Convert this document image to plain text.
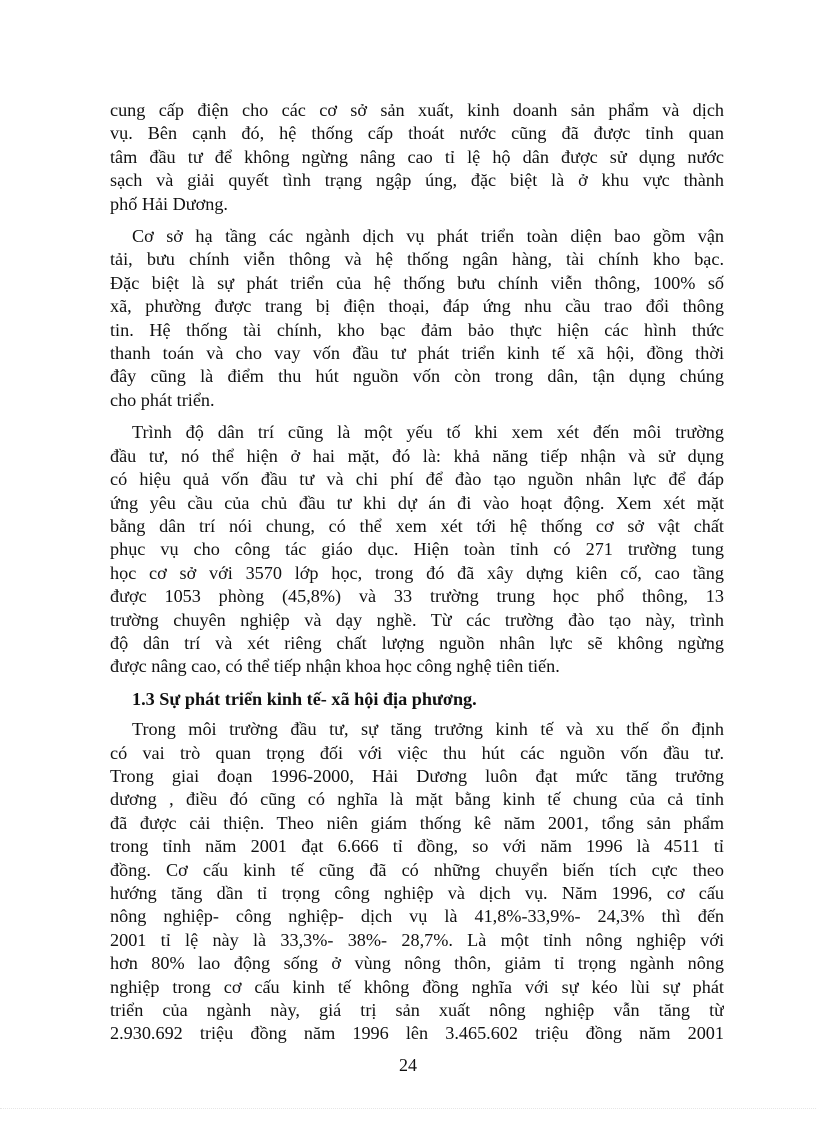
cung cấp điện cho các cơ sở sản xuất, kinh doanh sản phẩm và dịch
vụ. Bên cạnh đó, hệ thống cấp thoát nước cũng đã được tỉnh quan
tâm đầu tư để không ngừng nâng cao tỉ lệ hộ dân được sử dụng nước
sạch và giải quyết tình trạng ngập úng, đặc biệt là ở khu vực thành
phố Hải Dương.
Cơ sở hạ tầng các ngành dịch vụ phát triển toàn diện bao gồm vận
tải, bưu chính viễn thông và hệ thống ngân hàng, tài chính kho bạc.
Đặc biệt là sự phát triển của hệ thống bưu chính viễn thông, 100% số
xã, phường được trang bị điện thoại, đáp ứng nhu cầu trao đổi thông
tin. Hệ thống tài chính, kho bạc đảm bảo thực hiện các hình thức
thanh toán và cho vay vốn đầu tư phát triển kinh tế xã hội, đồng thời
đây cũng là điểm thu hút nguồn vốn còn trong dân, tận dụng chúng
cho phát triển.
Trình độ dân trí cũng là một yếu tố khi xem xét đến môi trường
đầu tư, nó thể hiện ở hai mặt, đó là: khả năng tiếp nhận và sử dụng
có hiệu quả vốn đầu tư và chi phí để đào tạo nguồn nhân lực để đáp
ứng yêu cầu của chủ đầu tư khi dự án đi vào hoạt động. Xem xét mặt
bằng dân trí nói chung, có thể xem xét tới hệ thống cơ sở vật chất
phục vụ cho công tác giáo dục. Hiện toàn tỉnh có 271 trường tung
học cơ sở với 3570 lớp học, trong đó đã xây dựng kiên cố, cao tầng
được 1053 phòng (45,8%) và 33 trường trung học phổ thông, 13
trường chuyên nghiệp và dạy nghề. Từ các trường đào tạo này, trình
độ dân trí và xét riêng chất lượng nguồn nhân lực sẽ không ngừng
được nâng cao, có thể tiếp nhận khoa học công nghệ tiên tiến.
1.3 Sự phát triển kinh tế- xã hội địa phương.
Trong môi trường đầu tư, sự tăng trưởng kinh tế và xu thế ổn định
có vai trò quan trọng đối với việc thu hút các nguồn vốn đầu tư.
Trong giai đoạn 1996-2000, Hải Dương luôn đạt mức tăng trưởng
dương , điều đó cũng có nghĩa là mặt bằng kinh tế chung của cả tỉnh
đã được cải thiện. Theo niên giám thống kê năm 2001, tổng sản phẩm
trong tỉnh năm 2001 đạt 6.666 tỉ đồng, so với năm 1996 là 4511 tỉ
đồng. Cơ cấu kinh tế cũng đã có những chuyển biến tích cực theo
hướng tăng dần tỉ trọng công nghiệp và dịch vụ. Năm 1996, cơ cấu
nông nghiệp- công nghiệp- dịch vụ là 41,8%-33,9%- 24,3% thì đến
2001 tỉ lệ này là 33,3%- 38%- 28,7%. Là một tỉnh nông nghiệp với
hơn 80% lao động sống ở vùng nông thôn, giảm tỉ trọng ngành nông
nghiệp trong cơ cấu kinh tế không đồng nghĩa với sự kéo lùi sự phát
triển của ngành này, giá trị sản xuất nông nghiệp vẫn tăng từ
2.930.692 triệu đồng năm 1996 lên 3.465.602 triệu đồng năm 2001
24
